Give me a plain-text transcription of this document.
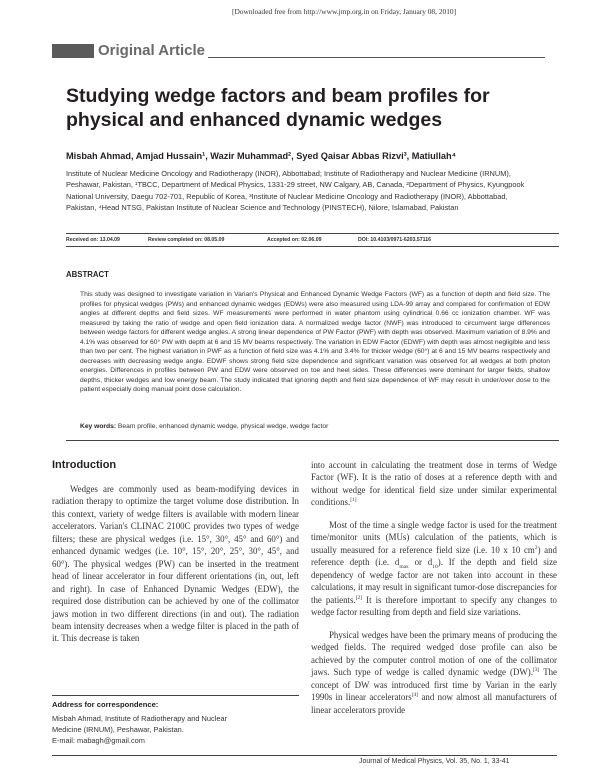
[Downloaded free from http://www.jmp.org.in on Friday, January 08, 2010]
Original Article
Studying wedge factors and beam profiles for physical and enhanced dynamic wedges
Misbah Ahmad, Amjad Hussain¹, Wazir Muhammad², Syed Qaisar Abbas Rizvi³, Matiullah⁴
Institute of Nuclear Medicine Oncology and Radiotherapy (INOR), Abbottabad; Institute of Radiotherapy and Nuclear Medicine (IRNUM), Peshawar, Pakistan, ¹TBCC, Department of Medical Physics, 1331-29 street, NW Calgary, AB, Canada, ²Department of Physics, Kyungpook National University, Daegu 702-701, Republic of Korea, ³Institute of Nuclear Medicine Oncology and Radiotherapy (INOR), Abbottabad, Pakistan, ⁴Head NTSG, Pakistan Institute of Nuclear Science and Technology (PINSTECH), Nilore, Islamabad, Pakistan
Received on: 13.04.09	Review completed on: 08.05.09	Accepted on: 02.06.09	DOI: 10.4103/0971-6203.57116
ABSTRACT
This study was designed to investigate variation in Varian's Physical and Enhanced Dynamic Wedge Factors (WF) as a function of depth and field size. The profiles for physical wedges (PWs) and enhanced dynamic wedges (EDWs) were also measured using LDA-99 array and compared for confirmation of EDW angles at different depths and field sizes. WF measurements were performed in water phantom using cylindrical 0.66 cc ionization chamber. WF was measured by taking the ratio of wedge and open field ionization data. A normalized wedge factor (NWF) was introduced to circumvent large differences between wedge factors for different wedge angles. A strong linear dependence of PW Factor (PWF) with depth was observed. Maximum variation of 8.9% and 4.1% was observed for 60° PW with depth at 6 and 15 MV beams respectively. The variation in EDW Factor (EDWF) with depth was almost negligible and less than two per cent. The highest variation in PWF as a function of field size was 4.1% and 3.4% for thicker wedge (60°) at 6 and 15 MV beams respectively and decreases with decreasing wedge angle. EDWF shows strong field size dependence and significant variation was observed for all wedges at both photon energies. Differences in profiles between PW and EDW were observed on toe and heel sides. These differences were dominant for larger fields, shallow depths, thicker wedges and low energy beam. The study indicated that ignoring depth and field size dependence of WF may result in under/over dose to the patient especially doing manual point dose calculation.
Key words: Beam profile, enhanced dynamic wedge, physical wedge, wedge factor
Introduction
Wedges are commonly used as beam-modifying devices in radiation therapy to optimize the target volume dose distribution. In this context, variety of wedge filters is available with modern linear accelerators. Varian's CLINAC 2100C provides two types of wedge filters; these are physical wedges (i.e. 15°, 30°, 45° and 60°) and enhanced dynamic wedges (i.e. 10°, 15°, 20°, 25°, 30°, 45°, and 60°). The physical wedges (PW) can be inserted in the treatment head of linear accelerator in four different orientations (in, out, left and right). In case of Enhanced Dynamic Wedges (EDW), the required dose distribution can be achieved by one of the collimator jaws motion in two different directions (in and out). The radiation beam intensity decreases when a wedge filter is placed in the path of it. This decrease is taken
into account in calculating the treatment dose in terms of Wedge Factor (WF). It is the ratio of doses at a reference depth with and without wedge for identical field size under similar experimental conditions.[1]
Most of the time a single wedge factor is used for the treatment time/monitor units (MUs) calculation of the patients, which is usually measured for a reference field size (i.e. 10 x 10 $cm^2$) and reference depth (i.e. $d_{max}$ or $d_{10}$). If the depth and field size dependency of wedge factor are not taken into account in these calculations, it may result in significant tumor-dose discrepancies for the patients.[2] It is therefore important to specify any changes to wedge factor resulting from depth and field size variations.
Physical wedges have been the primary means of producing the wedged fields. The required wedged dose profile can also be achieved by the computer control motion of one of the collimator jaws. Such type of wedge is called dynamic wedge (DW).[3] The concept of DW was introduced first time by Varian in the early 1990s in linear accelerators[4] and now almost all manufacturers of linear accelerators provide
Address for correspondence:
Misbah Ahmad, Institute of Radiotherapy and Nuclear
Medicine (IRNUM), Peshawar, Pakistan.
E-mail: mabagh@gmail.com
Journal of Medical Physics, Vol. 35, No. 1, 33-41
